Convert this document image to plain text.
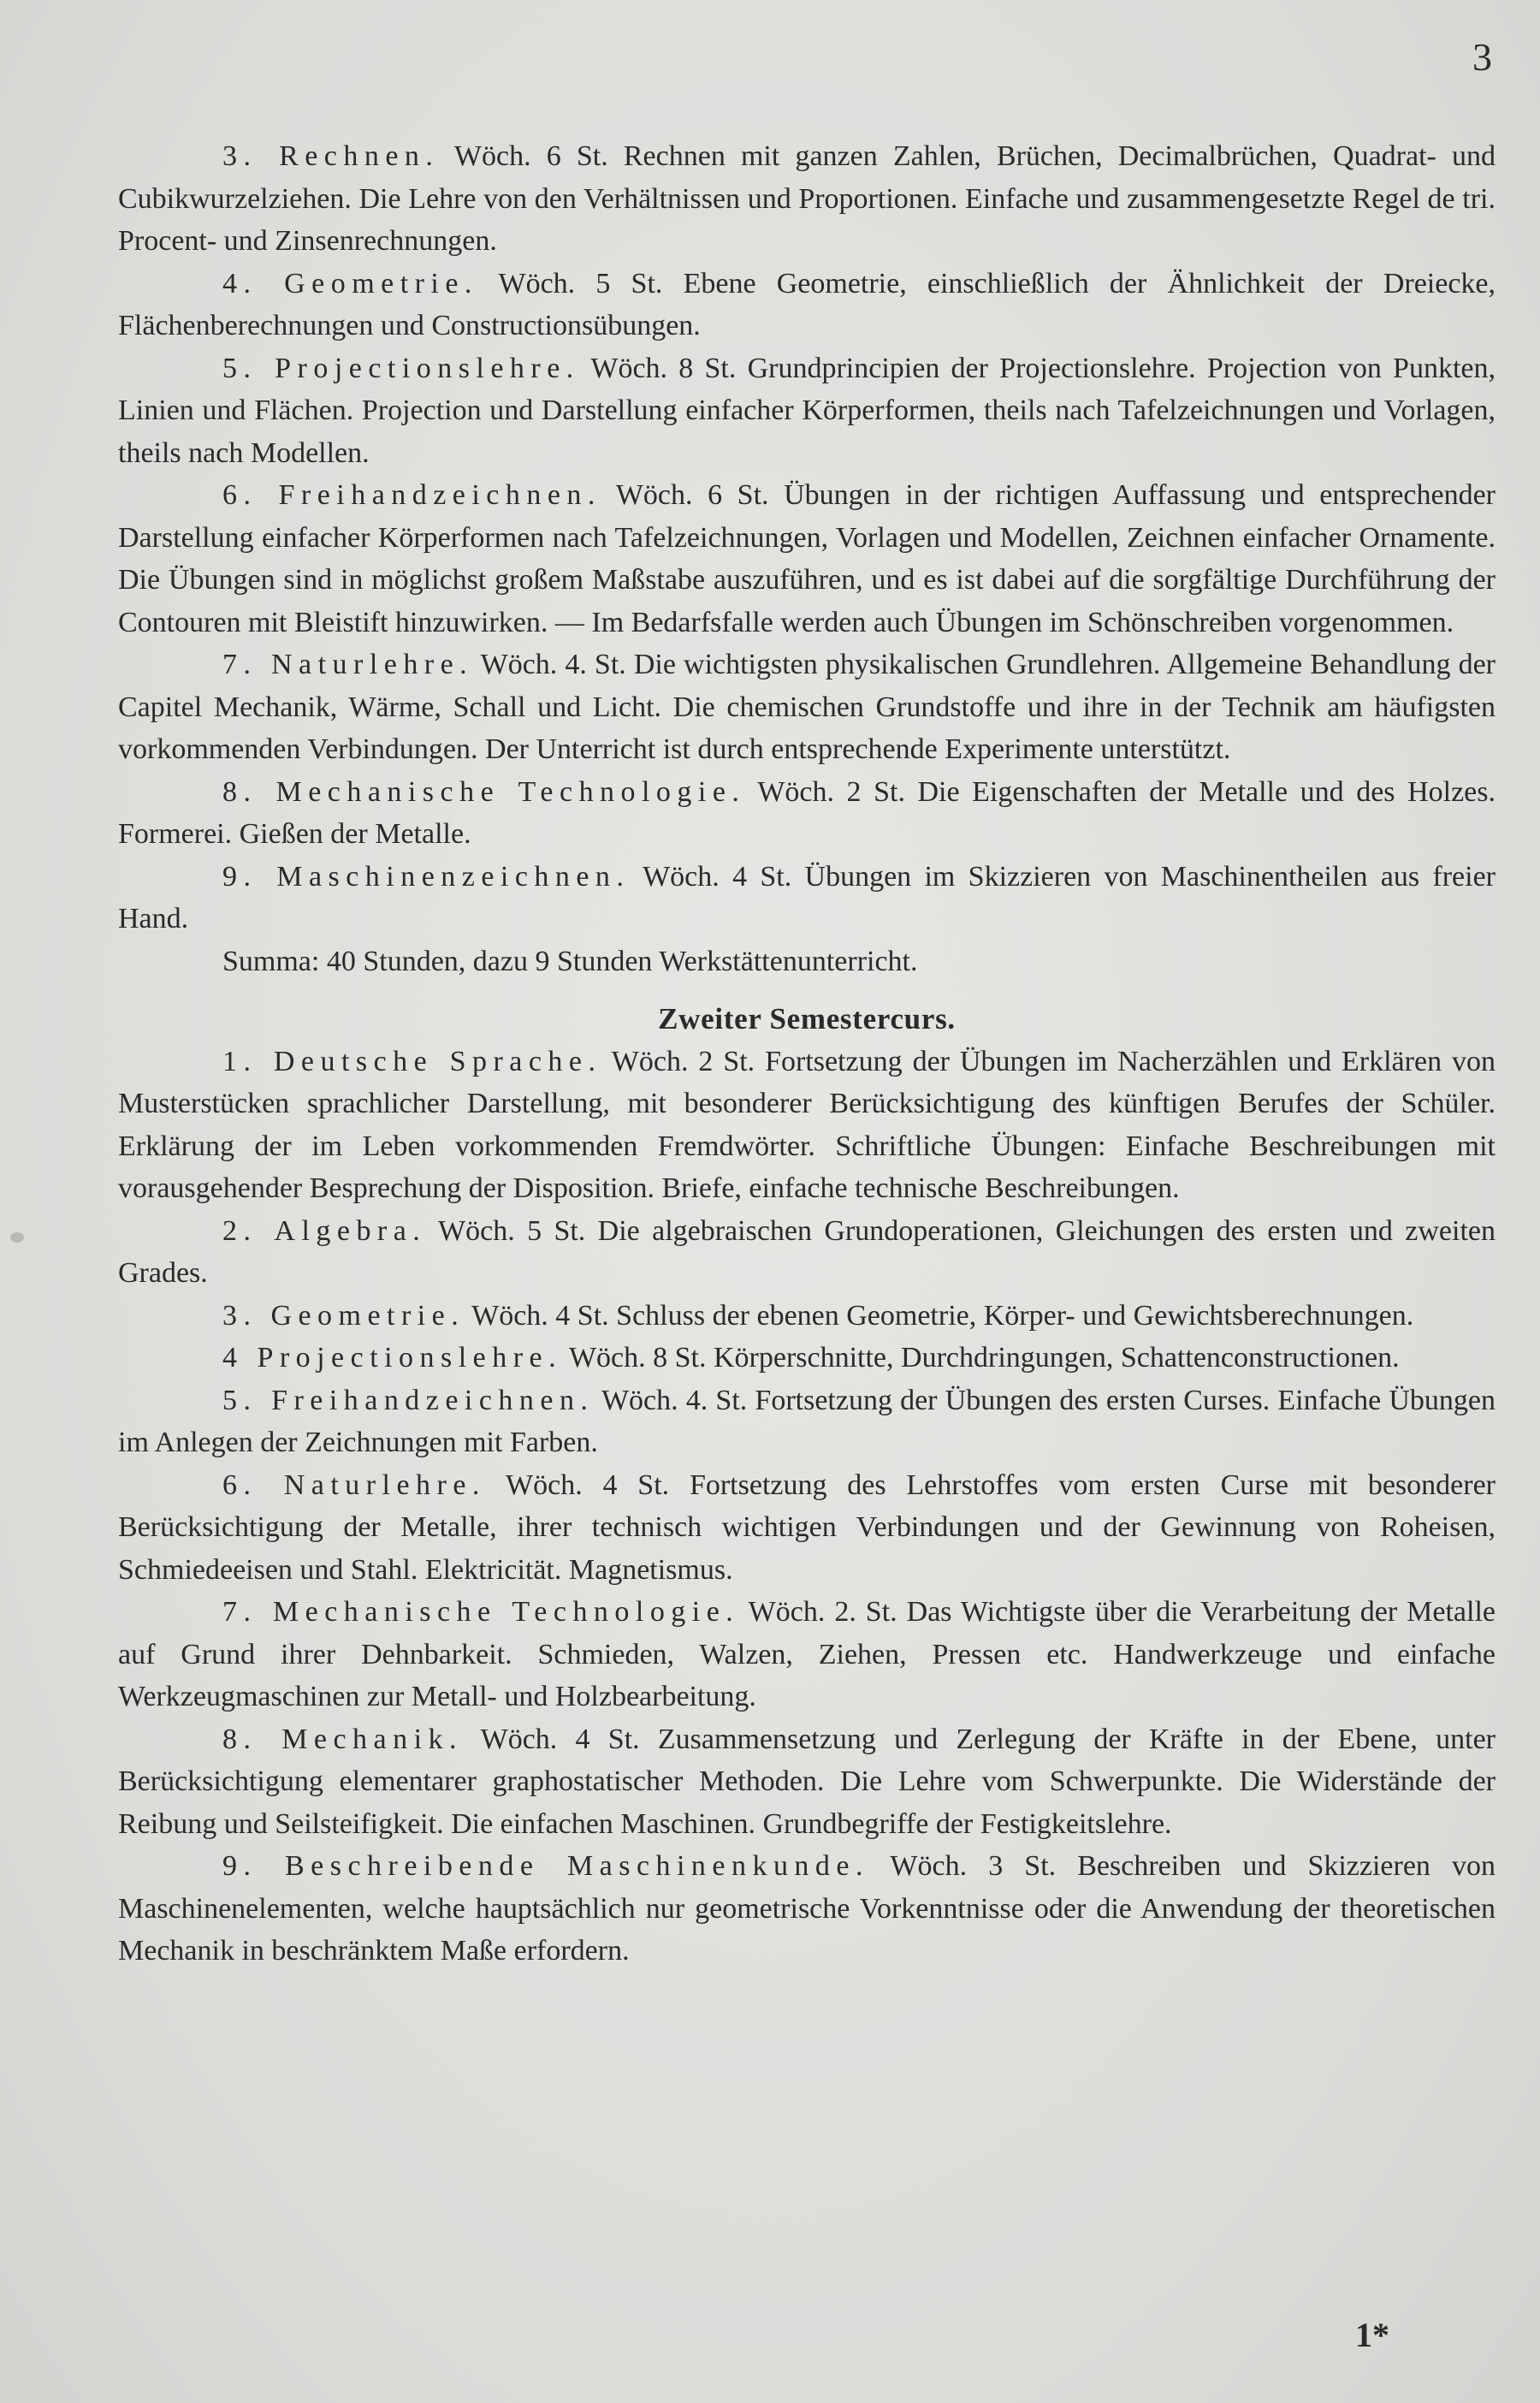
3

3. Rechnen. Wöch. 6 St. Rechnen mit ganzen Zahlen, Brüchen, Decimalbrüchen, Quadrat- und Cubikwurzelziehen. Die Lehre von den Verhältnissen und Proportionen. Einfache und zusammengesetzte Regel de tri. Procent- und Zinsenrechnungen.

4. Geometrie. Wöch. 5 St. Ebene Geometrie, einschließlich der Ähnlichkeit der Dreiecke, Flächenberechnungen und Constructionsübungen.

5. Projectionslehre. Wöch. 8 St. Grundprincipien der Projectionslehre. Projection von Punkten, Linien und Flächen. Projection und Darstellung einfacher Körperformen, theils nach Tafelzeichnungen und Vorlagen, theils nach Modellen.

6. Freihandzeichnen. Wöch. 6 St. Übungen in der richtigen Auffassung und entsprechender Darstellung einfacher Körperformen nach Tafelzeichnungen, Vorlagen und Modellen, Zeichnen einfacher Ornamente. Die Übungen sind in möglichst großem Maßstabe auszuführen, und es ist dabei auf die sorgfältige Durchführung der Contouren mit Bleistift hinzuwirken. — Im Bedarfsfalle werden auch Übungen im Schönschreiben vorgenommen.

7. Naturlehre. Wöch. 4. St. Die wichtigsten physikalischen Grundlehren. Allgemeine Behandlung der Capitel Mechanik, Wärme, Schall und Licht. Die chemischen Grundstoffe und ihre in der Technik am häufigsten vorkommenden Verbindungen. Der Unterricht ist durch entsprechende Experimente unterstützt.

8. Mechanische Technologie. Wöch. 2 St. Die Eigenschaften der Metalle und des Holzes. Formerei. Gießen der Metalle.

9. Maschinenzeichnen. Wöch. 4 St. Übungen im Skizzieren von Maschinentheilen aus freier Hand.

Summa: 40 Stunden, dazu 9 Stunden Werkstättenunterricht.

Zweiter Semestercurs.

1. Deutsche Sprache. Wöch. 2 St. Fortsetzung der Übungen im Nacherzählen und Erklären von Musterstücken sprachlicher Darstellung, mit besonderer Berücksichtigung des künftigen Berufes der Schüler. Erklärung der im Leben vorkommenden Fremdwörter. Schriftliche Übungen: Einfache Beschreibungen mit vorausgehender Besprechung der Disposition. Briefe, einfache technische Beschreibungen.

2. Algebra. Wöch. 5 St. Die algebraischen Grundoperationen, Gleichungen des ersten und zweiten Grades.

3. Geometrie. Wöch. 4 St. Schluss der ebenen Geometrie, Körper- und Gewichtsberechnungen.

4 Projectionslehre. Wöch. 8 St. Körperschnitte, Durchdringungen, Schattenconstructionen.

5. Freihandzeichnen. Wöch. 4. St. Fortsetzung der Übungen des ersten Curses. Einfache Übungen im Anlegen der Zeichnungen mit Farben.

6. Naturlehre. Wöch. 4 St. Fortsetzung des Lehrstoffes vom ersten Curse mit besonderer Berücksichtigung der Metalle, ihrer technisch wichtigen Verbindungen und der Gewinnung von Roheisen, Schmiedeeisen und Stahl. Elektricität. Magnetismus.

7. Mechanische Technologie. Wöch. 2. St. Das Wichtigste über die Verarbeitung der Metalle auf Grund ihrer Dehnbarkeit. Schmieden, Walzen, Ziehen, Pressen etc. Handwerkzeuge und einfache Werkzeugmaschinen zur Metall- und Holzbearbeitung.

8. Mechanik. Wöch. 4 St. Zusammensetzung und Zerlegung der Kräfte in der Ebene, unter Berücksichtigung elementarer graphostatischer Methoden. Die Lehre vom Schwerpunkte. Die Widerstände der Reibung und Seilsteifigkeit. Die einfachen Maschinen. Grundbegriffe der Festigkeitslehre.

9. Beschreibende Maschinenkunde. Wöch. 3 St. Beschreiben und Skizzieren von Maschinenelementen, welche hauptsächlich nur geometrische Vorkenntnisse oder die Anwendung der theoretischen Mechanik in beschränktem Maße erfordern.

1*
